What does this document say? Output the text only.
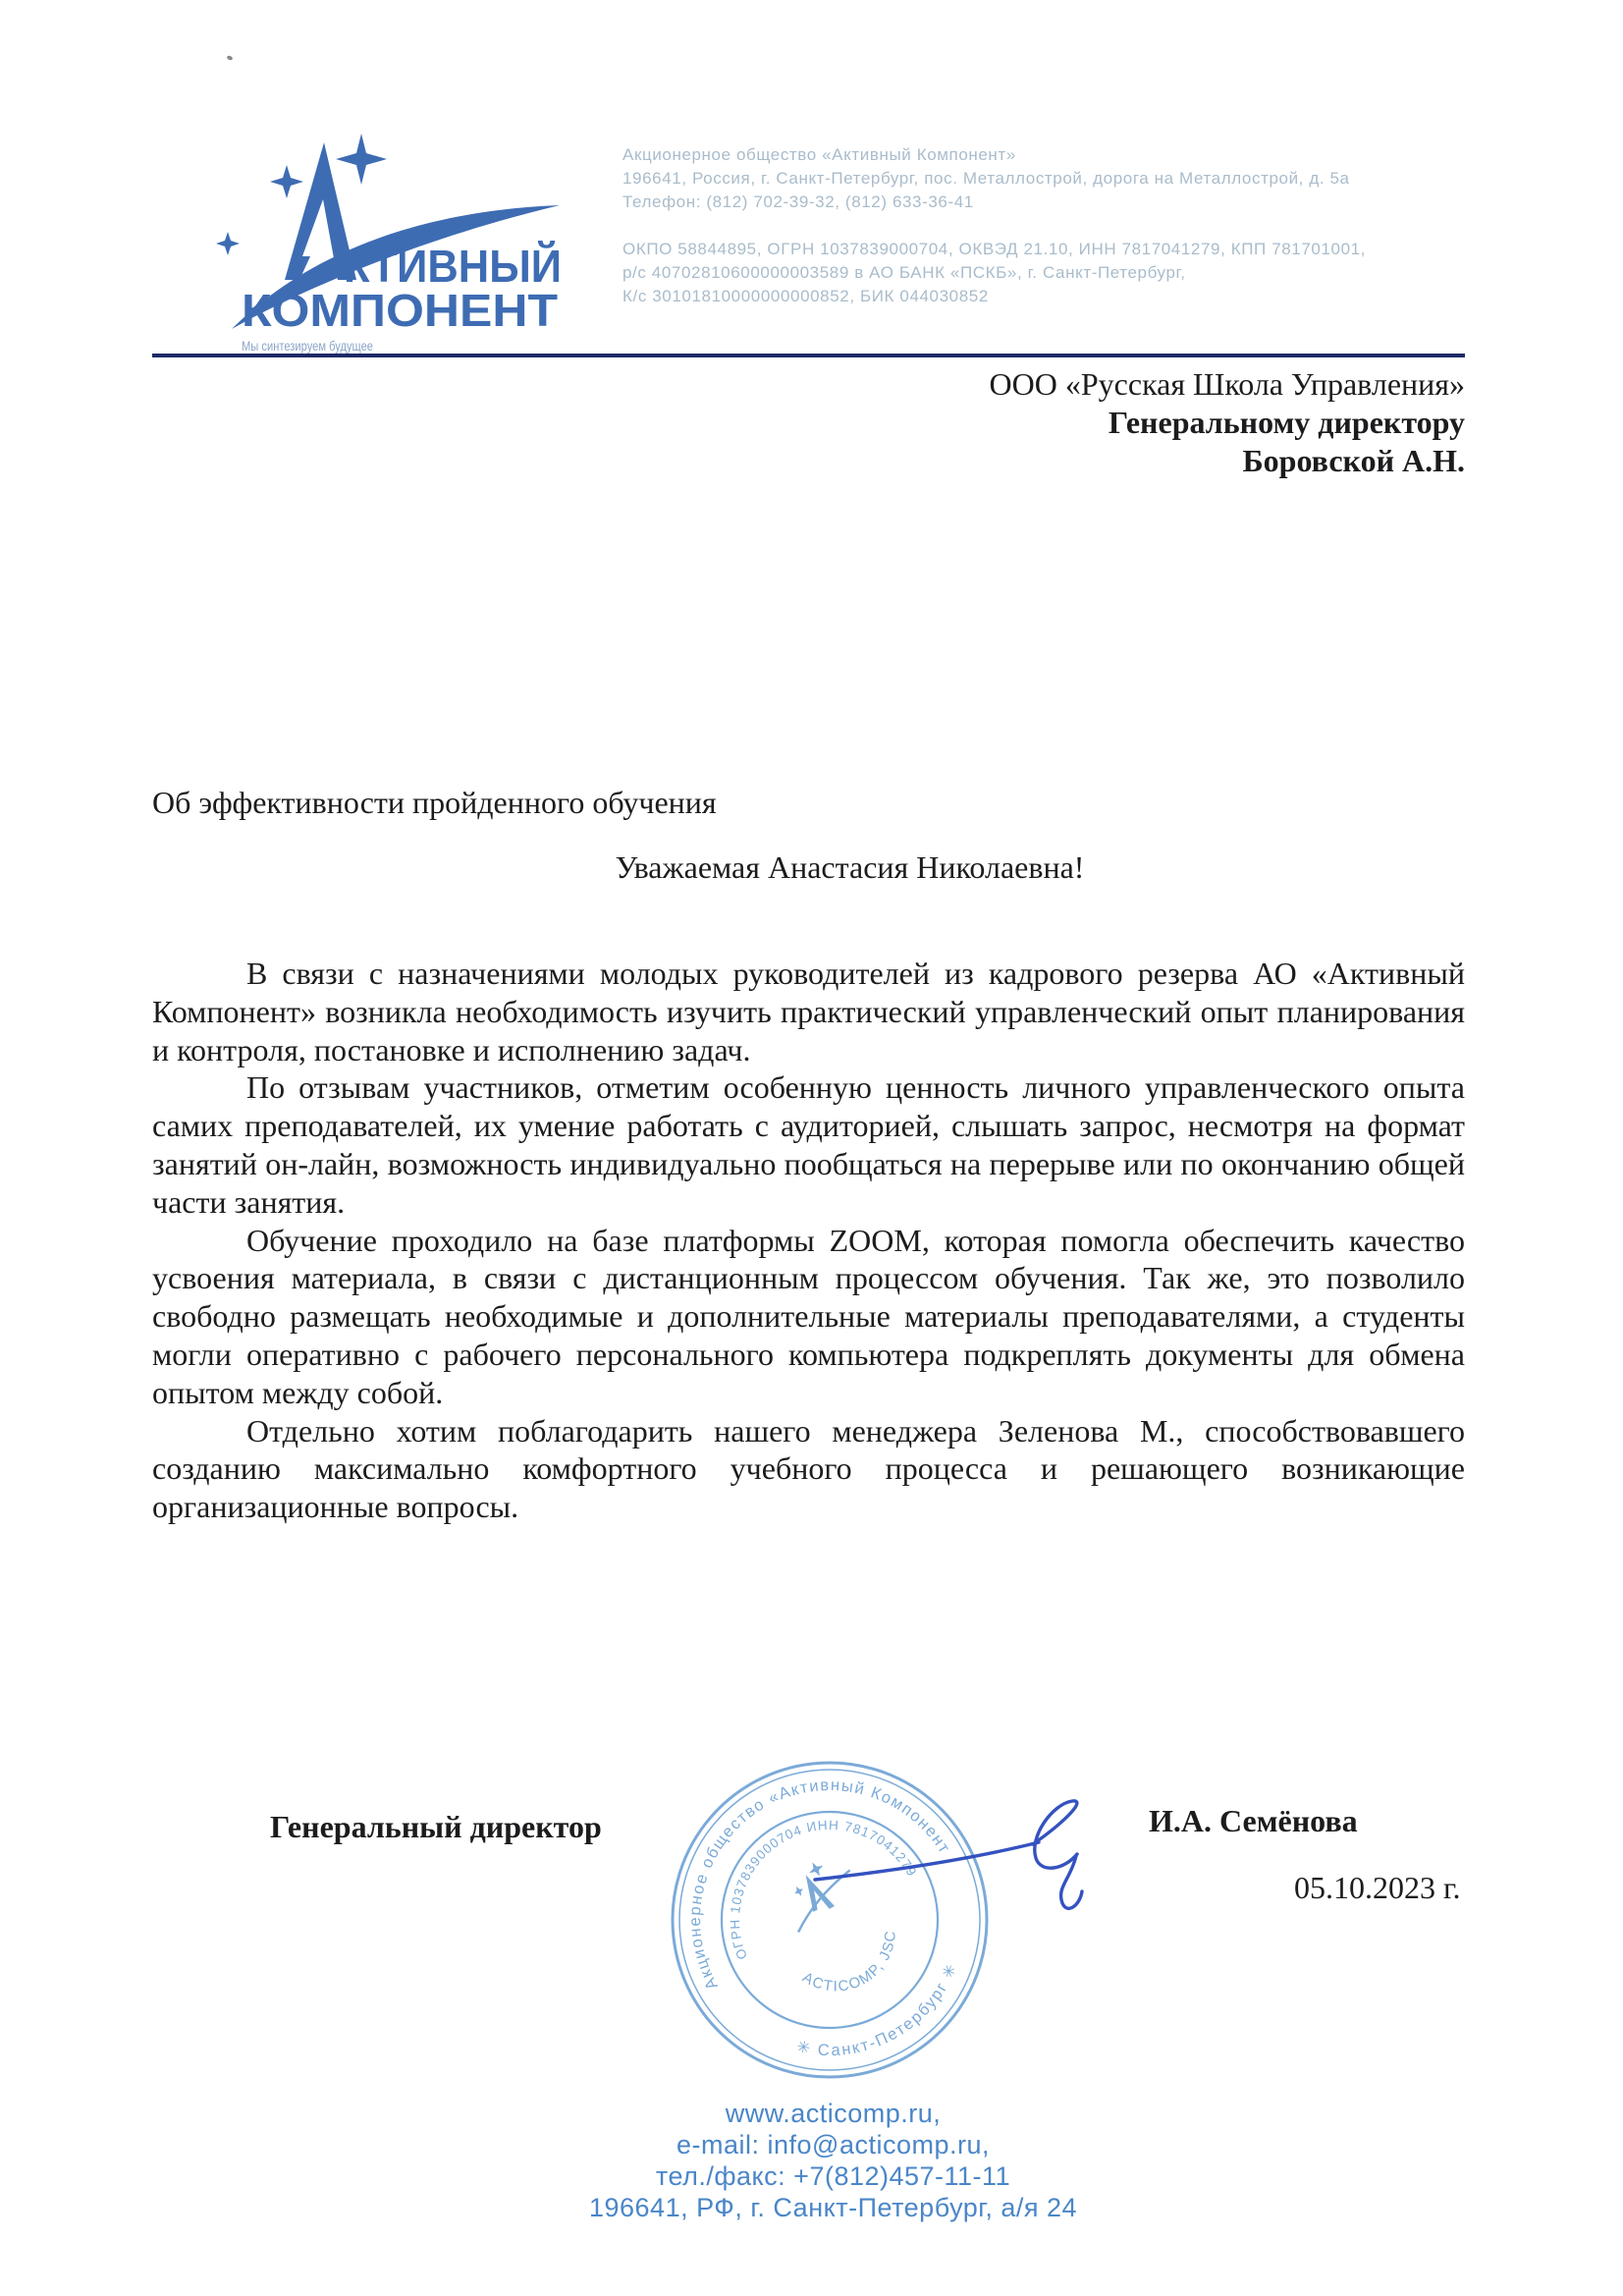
КТИВНЫЙ
КОМПОНЕНТ
Мы синтезируем будущее
Акционерное общество «Активный Компонент»
196641, Россия, г. Санкт-Петербург, пос. Металлострой, дорога на Металлострой, д. 5а
Телефон: (812) 702-39-32, (812) 633-36-41
ОКПО 58844895, ОГРН 1037839000704, ОКВЭД 21.10, ИНН 7817041279, КПП 781701001,
р/с 40702810600000003589 в АО БАНК «ПСКБ», г. Санкт-Петербург,
К/с 30101810000000000852, БИК 044030852
ООО «Русская Школа Управления»
Генеральному директору
Боровской А.Н.
Об эффективности пройденного обучения
Уважаемая Анастасия Николаевна!

В связи с назначениями молодых руководителей из кадрового резерва АО «Активный Компонент» возникла необходимость изучить практический управленческий опыт планирования и контроля, постановке и исполнению задач.

По отзывам участников, отметим особенную ценность личного управленческого опыта самих преподавателей, их умение работать с аудиторией, слышать запрос, несмотря на формат занятий он-лайн, возможность индивидуально пообщаться на перерыве или по окончанию общей части занятия.

Обучение проходило на базе платформы ZOOM, которая помогла обеспечить качество усвоения материала, в связи с дистанционным процессом обучения. Так же, это позволило свободно размещать необходимые и дополнительные материалы преподавателями, а студенты могли оперативно с рабочего персонального компьютера подкреплять документы для обмена опытом между собой.

Отдельно хотим поблагодарить нашего менеджера Зеленова М., способствовавшего созданию максимально комфортного учебного процесса и решающего возникающие организационные вопросы.

Генеральный директор	И.А. Семёнова
05.10.2023 г.
Акционерное общество «Активный Компонент»
✳ Санкт-Петербург ✳
ОГРН 1037839000704 ИНН 7817041279
ACTICOMP, JSC
www.acticomp.ru,
e-mail: info@acticomp.ru,
тел./факс: +7(812)457-11-11
196641, РФ, г. Санкт-Петербург, а/я 24
